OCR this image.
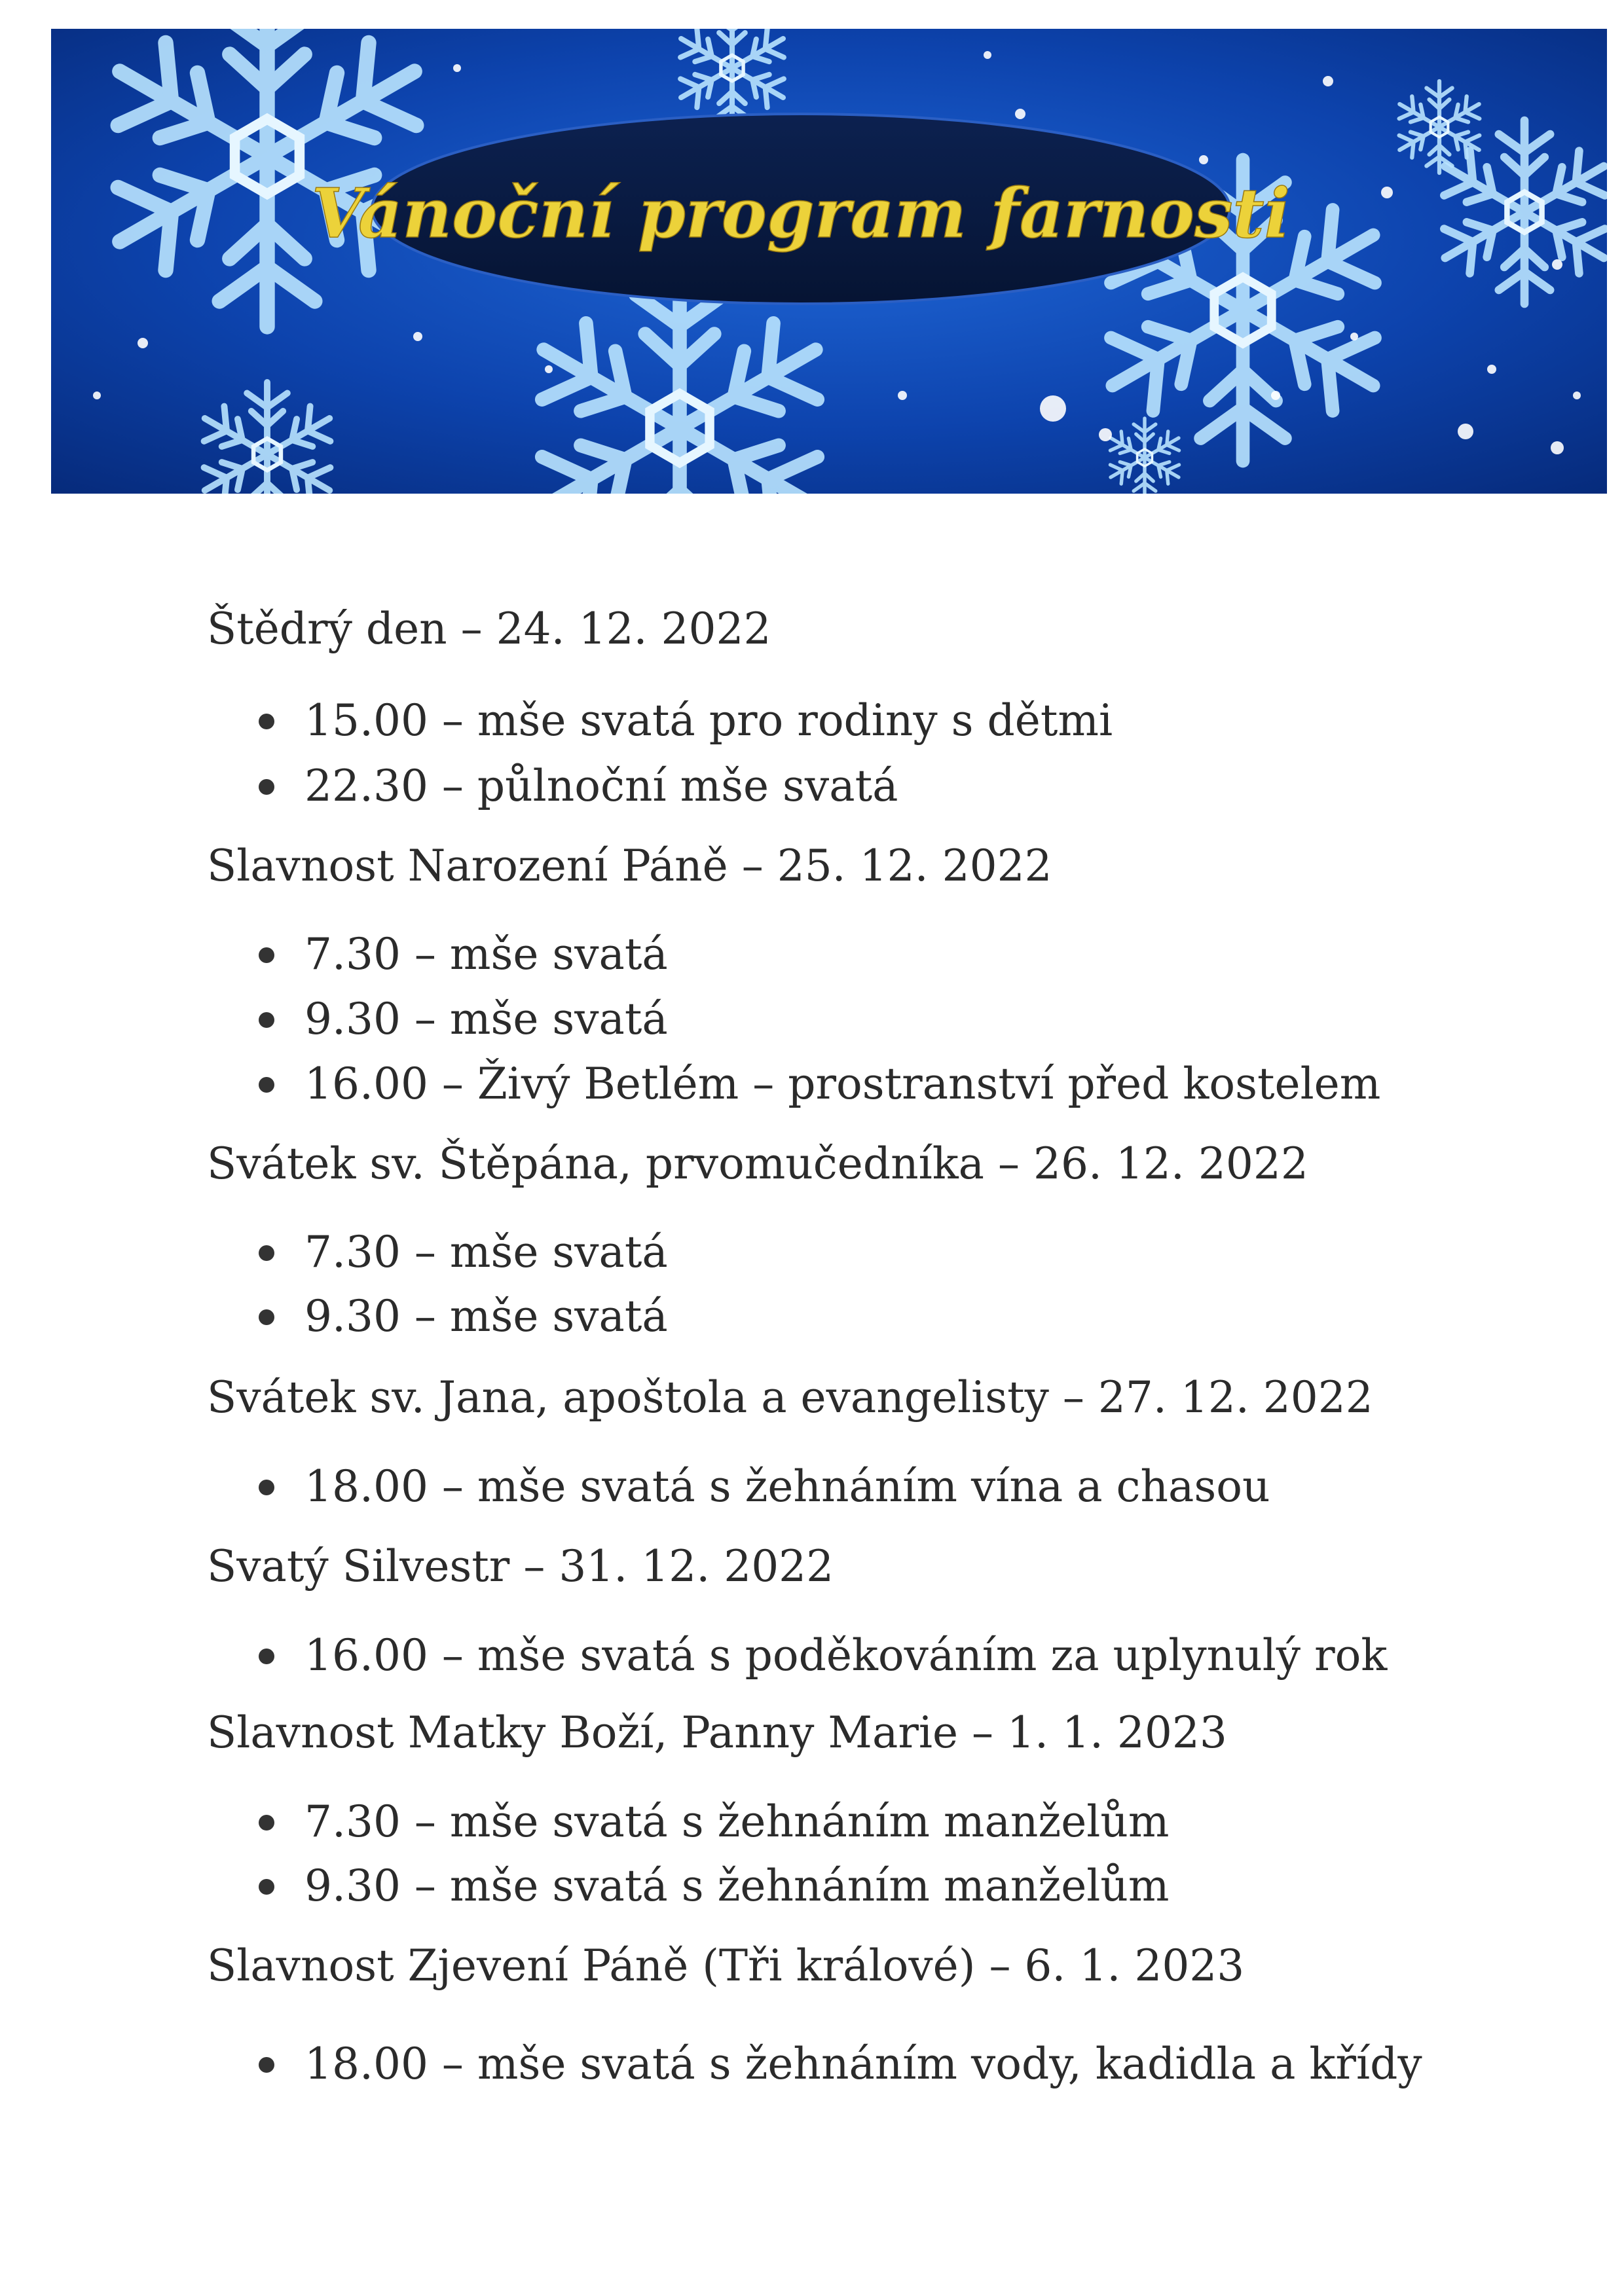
Vánoční program farnosti
Štědrý den – 24. 12. 2022
15.00 – mše svatá pro rodiny s dětmi
22.30 – půlnoční mše svatá
Slavnost Narození Páně – 25. 12. 2022
7.30 – mše svatá
9.30 – mše svatá
16.00 – Živý Betlém – prostranství před kostelem
Svátek sv. Štěpána, prvomučedníka – 26. 12. 2022
7.30 – mše svatá
9.30 – mše svatá
Svátek sv. Jana, apoštola a evangelisty – 27. 12. 2022
18.00 – mše svatá s žehnáním vína a chasou
Svatý Silvestr – 31. 12. 2022
16.00 – mše svatá s poděkováním za uplynulý rok
Slavnost Matky Boží, Panny Marie – 1. 1. 2023
7.30 – mše svatá s žehnáním manželům
9.30 – mše svatá s žehnáním manželům
Slavnost Zjevení Páně (Tři králové) – 6. 1. 2023
18.00 – mše svatá s žehnáním vody, kadidla a křídy
